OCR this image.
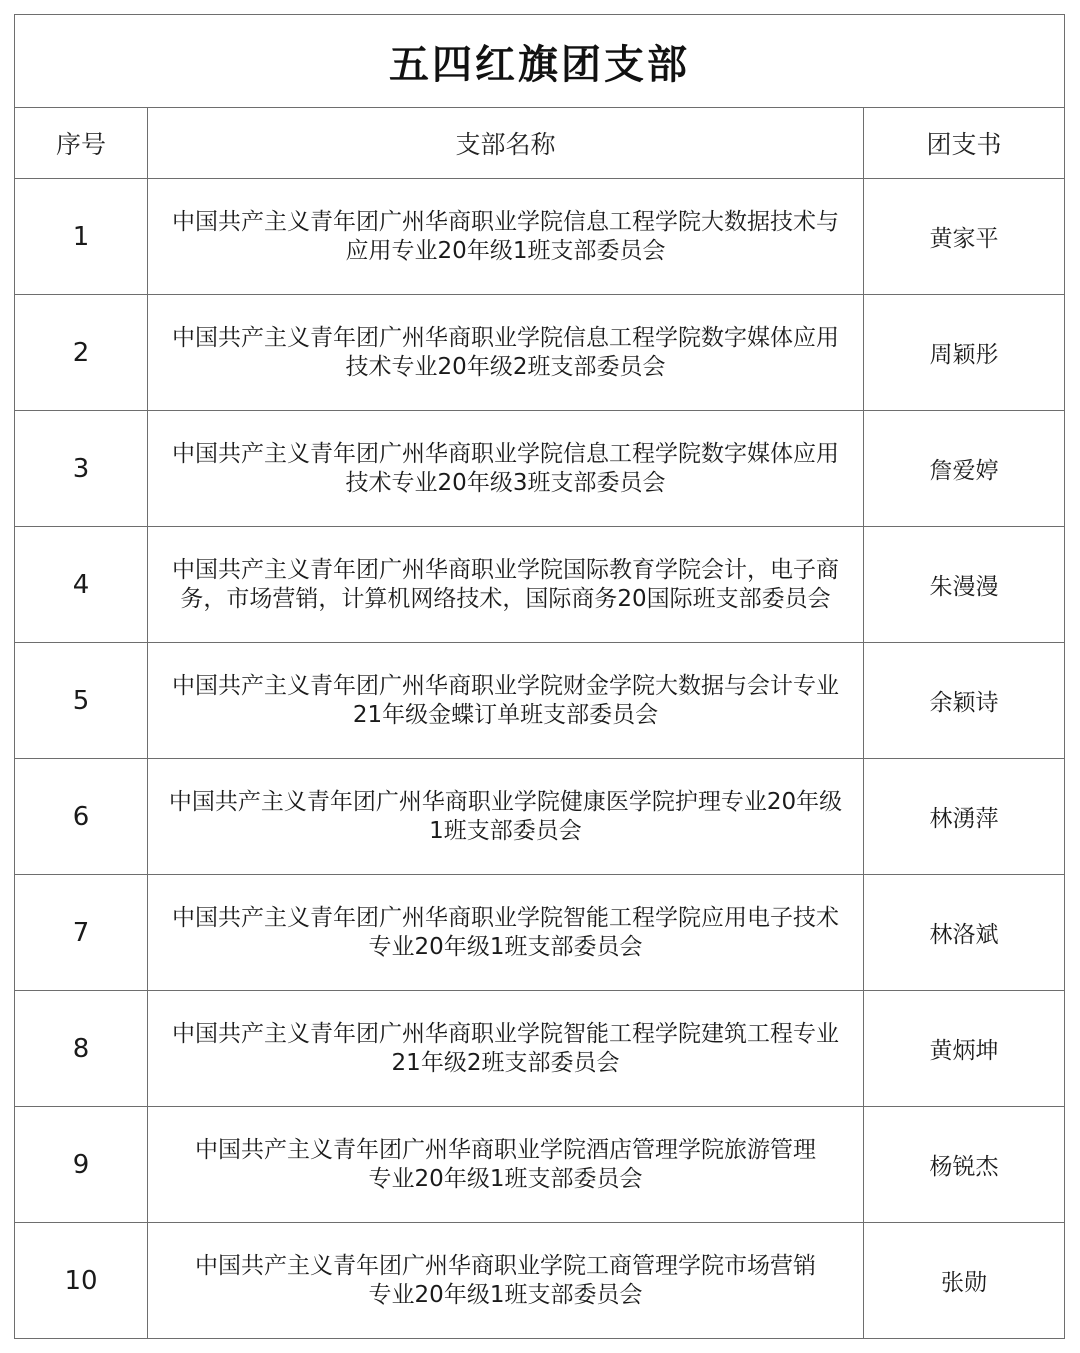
五四红旗团支部		
序号	支部名称	团支书
1	中国共产主义青年团广州华商职业学院信息工程学院大数据技术与
应用专业20年级1班支部委员会	黄家平
2	中国共产主义青年团广州华商职业学院信息工程学院数字媒体应用
技术专业20年级2班支部委员会	周颖彤
3	中国共产主义青年团广州华商职业学院信息工程学院数字媒体应用
技术专业20年级3班支部委员会	詹爱婷
4	中国共产主义青年团广州华商职业学院国际教育学院会计，电子商
务，市场营销，计算机网络技术，国际商务20国际班支部委员会	朱漫漫
5	中国共产主义青年团广州华商职业学院财金学院大数据与会计专业
21年级金蝶订单班支部委员会	余颖诗
6	中国共产主义青年团广州华商职业学院健康医学院护理专业20年级
1班支部委员会	林湧萍
7	中国共产主义青年团广州华商职业学院智能工程学院应用电子技术
专业20年级1班支部委员会	林洛斌
8	中国共产主义青年团广州华商职业学院智能工程学院建筑工程专业
21年级2班支部委员会	黄炳坤
9	中国共产主义青年团广州华商职业学院酒店管理学院旅游管理
专业20年级1班支部委员会	杨锐杰
10	中国共产主义青年团广州华商职业学院工商管理学院市场营销
专业20年级1班支部委员会	张勋
